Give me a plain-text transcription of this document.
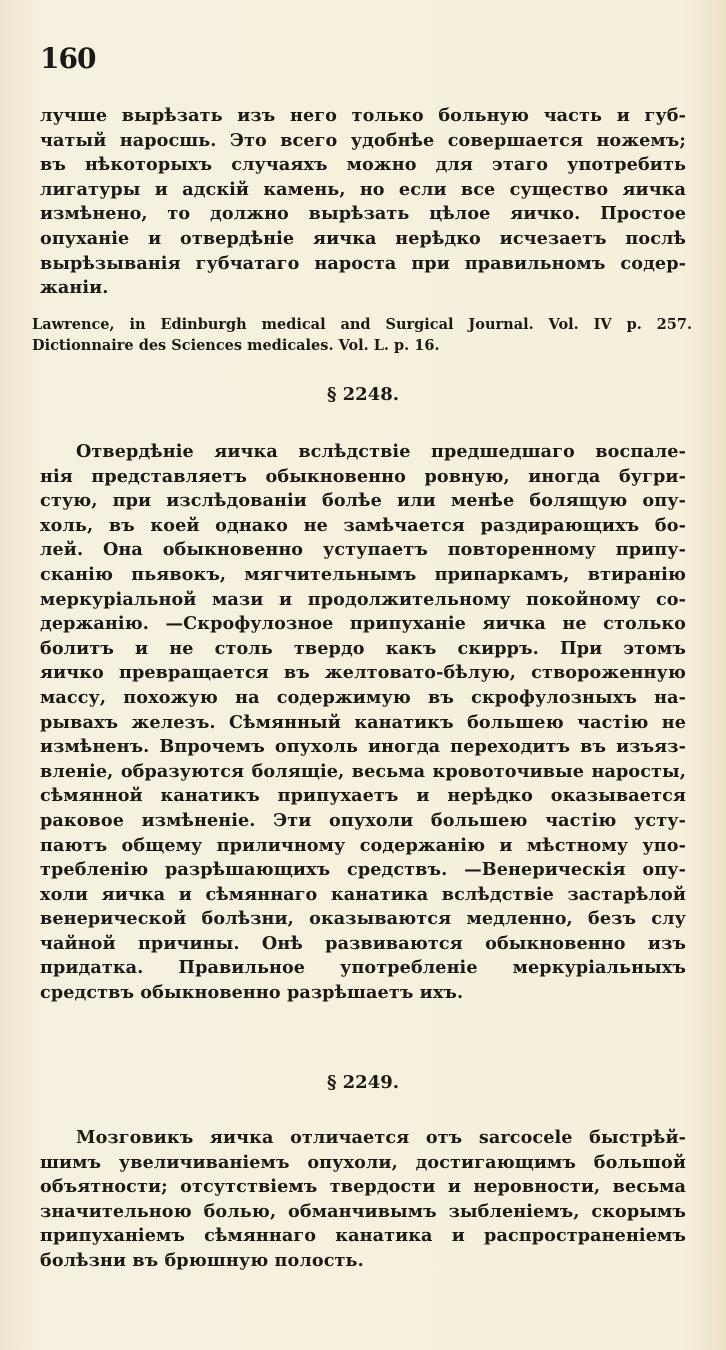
160
лучше вырѣзать изъ него только больную часть и губ-
чатый наросшь. Это всего удобнѣе совершается ножемъ;
въ нѣкоторыхъ случаяхъ можно для этаго употребить
лигатуры и адскій камень, но если все существо яичка
измѣнено, то должно вырѣзать цѣлое яичко. Простое
опуханіе и отвердѣніе яичка нерѣдко исчезаетъ послѣ
вырѣзыванія губчатаго нароста при правильномъ содер-
жаніи.
Lawrence, in Edinburgh medical and Surgical Journal. Vol. IV p. 257.
Dictionnaire des Sciences medicales. Vol. L. p. 16.
§ 2248.
Отвердѣніе яичка вслѣдствіе предшедшаго воспале-
нія представляетъ обыкновенно ровную, иногда бугри-
стую, при изслѣдованіи болѣе или менѣе болящую опу-
холь, въ коей однако не замѣчается раздирающихъ бо-
лей. Она обыкновенно уступаетъ повторенному припу-
сканію пьявокъ, мягчительнымъ припаркамъ, втиранію
меркуріальной мази и продолжительному покойному со-
держанію. —Скрофулозное припуханіе яичка не столько
болитъ и не столь твердо какъ скирръ. При этомъ
яичко превращается въ желтовато-бѣлую, створоженную
массу, похожую на содержимую въ скрофулозныхъ на-
рывахъ железъ. Сѣмянный канатикъ большею частію не
измѣненъ. Впрочемъ опухоль иногда переходитъ въ изъяз-
вленіе, образуются болящіе, весьма кровоточивые наросты,
сѣмянной канатикъ припухаетъ и нерѣдко оказывается
раковое измѣненіе. Эти опухоли большею частію усту-
паютъ общему приличному содержанію и мѣстному упо-
требленію разрѣшающихъ средствъ. —Венерическія опу-
холи яичка и сѣмяннаго канатика вслѣдствіе застарѣлой
венерической болѣзни, оказываются медленно, безъ слу
чайной причины. Онѣ развиваются обыкновенно изъ
придатка. Правильное употребленіе меркуріальныхъ
средствъ обыкновенно разрѣшаетъ ихъ.
§ 2249.
Мозговикъ яичка отличается отъ sarcocele быстрѣй-
шимъ увеличиваніемъ опухоли, достигающимъ большой
объятности; отсутствіемъ твердости и неровности, весьма
значительною болью, обманчивымъ зыбленіемъ, скорымъ
припуханіемъ сѣмяннаго канатика и распространеніемъ
болѣзни въ брюшную полость.
